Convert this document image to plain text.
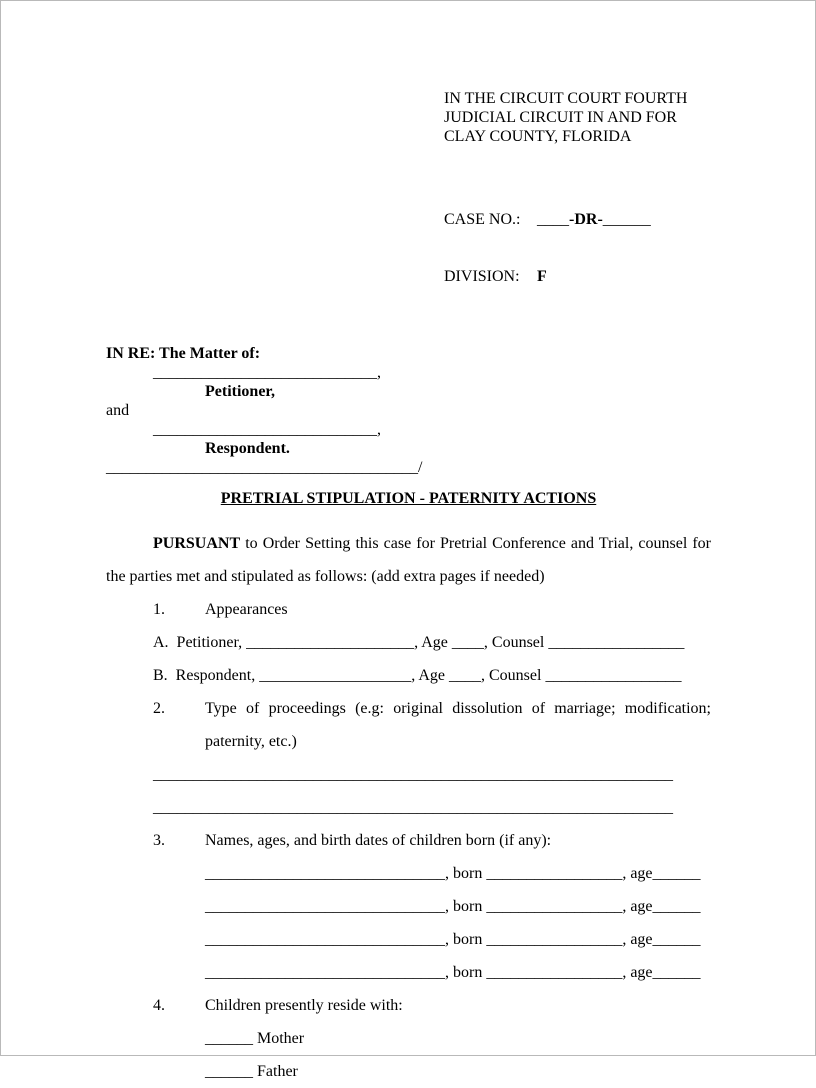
IN THE CIRCUIT COURT FOURTH
JUDICIAL CIRCUIT IN AND FOR
CLAY COUNTY, FLORIDA

CASE NO.: ____-DR-______

DIVISION: F

IN RE: The Matter of:
____________________________,
Petitioner,
and
____________________________,
Respondent.
_______________________________________/
PRETRIAL STIPULATION - PATERNITY ACTIONS

PURSUANT to Order Setting this case for Pretrial Conference and Trial, counsel for the parties met and stipulated as follows: (add extra pages if needed)

1.	Appearances
A.  Petitioner, _____________________, Age ____, Counsel _________________
B.  Respondent, ___________________, Age ____, Counsel _________________
2.	Type of proceedings (e.g: original dissolution of marriage; modification; paternity, etc.)
_________________________________________________________________
_________________________________________________________________
3.	Names, ages, and birth dates of children born (if any):
______________________________, born _________________, age______
______________________________, born _________________, age______
______________________________, born _________________, age______
______________________________, born _________________, age______
4.	Children presently reside with:
______ Mother
______ Father
